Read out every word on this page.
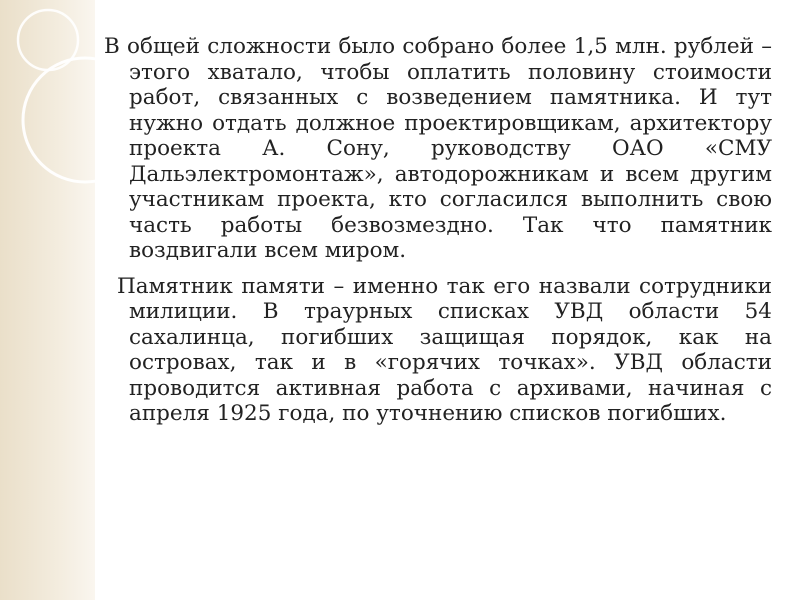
В общей сложности было собрано более 1,5 млн. рублей – этого хватало, чтобы оплатить половину стоимости работ, связанных с возведением памятника. И тут нужно отдать должное проектировщикам, архитектору проекта А. Сону, руководству ОАО «СМУ Дальэлектромонтаж», автодорожникам и всем другим участникам проекта, кто согласился выполнить свою часть работы безвозмездно. Так что памятник воздвигали всем миром.

Памятник памяти – именно так его назвали сотрудники милиции. В траурных списках УВД области 54 сахалинца, погибших защищая порядок, как на островах, так и в «горячих точках». УВД области проводится активная работа с архивами, начиная с апреля 1925 года, по уточнению списков погибших.
